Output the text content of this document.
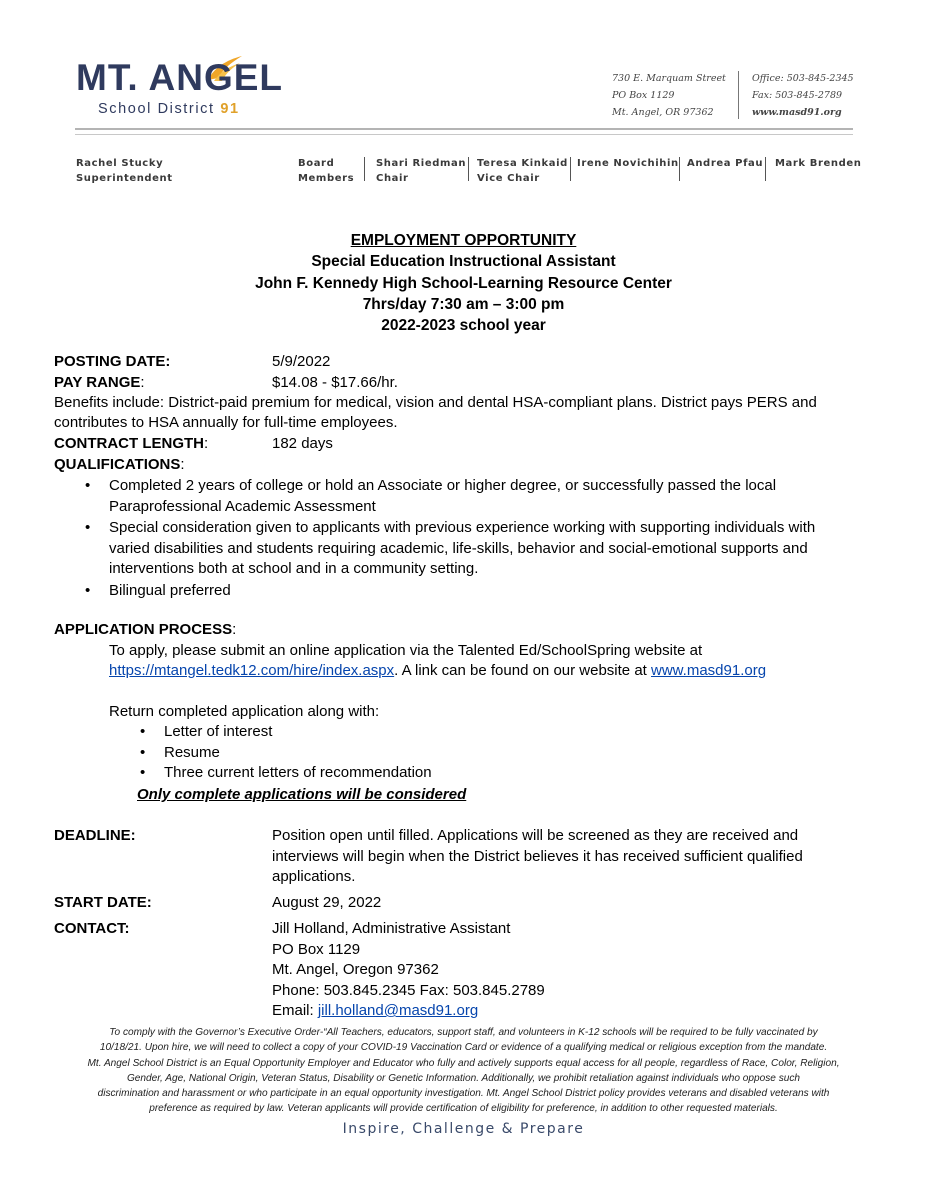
MT. ANGEL
School District 91
730 E. Marquam Street
PO Box 1129
Mt. Angel, OR 97362
Office: 503-845-2345
Fax: 503-845-2789
www.masd91.org
Rachel Stucky
Superintendent
Board
Members
Shari Riedman
Chair
Teresa Kinkaid
Vice Chair
Irene Novichihin Andrea Pfau Mark Brenden
EMPLOYMENT OPPORTUNITY
Special Education Instructional Assistant
John F. Kennedy High School-Learning Resource Center
7hrs/day 7:30 am – 3:00 pm
2022-2023 school year
POSTING DATE:	5/9/2022
PAY RANGE:	$14.08 - $17.66/hr.
Benefits include: District-paid premium for medical, vision and dental HSA-compliant plans. District pays PERS and
contributes to HSA annually for full-time employees.
CONTRACT LENGTH:	182 days
QUALIFICATIONS:
• Completed 2 years of college or hold an Associate or higher degree, or successfully passed the local
Paraprofessional Academic Assessment
• Special consideration given to applicants with previous experience working with supporting individuals with
varied disabilities and students requiring academic, life-skills, behavior and social-emotional supports and
interventions both at school and in a community setting.
• Bilingual preferred
APPLICATION PROCESS:
To apply, please submit an online application via the Talented Ed/SchoolSpring website at
https://mtangel.tedk12.com/hire/index.aspx. A link can be found on our website at www.masd91.org
Return completed application along with:
• Letter of interest
• Resume
• Three current letters of recommendation
Only complete applications will be considered
DEADLINE:	Position open until filled. Applications will be screened as they are received and
interviews will begin when the District believes it has received sufficient qualified
applications.
START DATE:	August 29, 2022
CONTACT:	Jill Holland, Administrative Assistant
PO Box 1129
Mt. Angel, Oregon 97362
Phone: 503.845.2345 Fax: 503.845.2789
Email: jill.holland@masd91.org
To comply with the Governor’s Executive Order-“All Teachers, educators, support staff, and volunteers in K-12 schools will be required to be fully vaccinated by
10/18/21. Upon hire, we will need to collect a copy of your COVID-19 Vaccination Card or evidence of a qualifying medical or religious exception from the mandate.
Mt. Angel School District is an Equal Opportunity Employer and Educator who fully and actively supports equal access for all people, regardless of Race, Color, Religion,
Gender, Age, National Origin, Veteran Status, Disability or Genetic Information. Additionally, we prohibit retaliation against individuals who oppose such
discrimination and harassment or who participate in an equal opportunity investigation. Mt. Angel School District policy provides veterans and disabled veterans with
preference as required by law. Veteran applicants will provide certification of eligibility for preference, in addition to other requested materials.
Inspire, Challenge & Prepare
